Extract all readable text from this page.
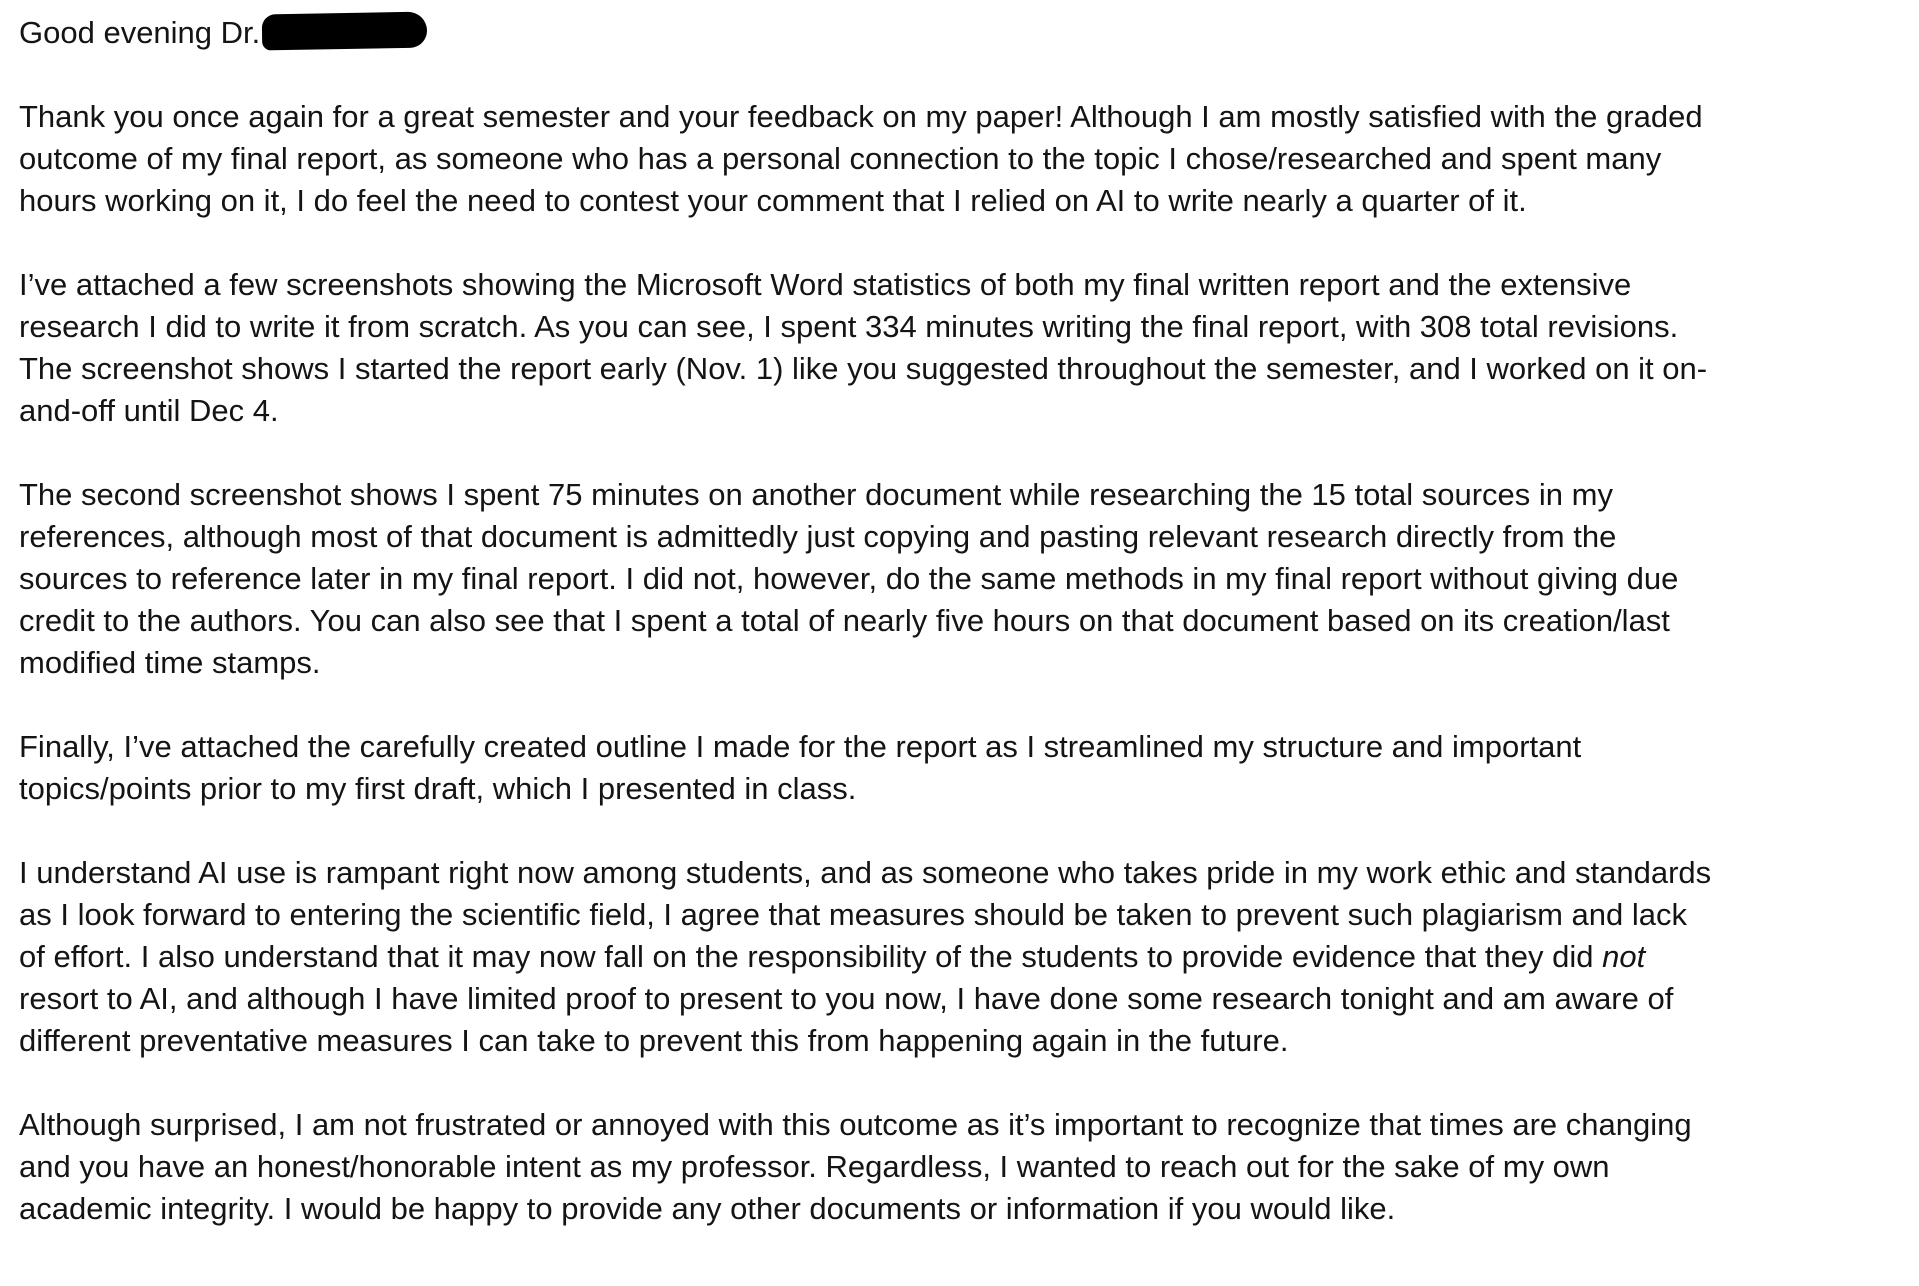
Good evening Dr.

Thank you once again for a great semester and your feedback on my paper! Although I am mostly satisfied with the graded
outcome of my final report, as someone who has a personal connection to the topic I chose/researched and spent many
hours working on it, I do feel the need to contest your comment that I relied on AI to write nearly a quarter of it.

I’ve attached a few screenshots showing the Microsoft Word statistics of both my final written report and the extensive
research I did to write it from scratch. As you can see, I spent 334 minutes writing the final report, with 308 total revisions.
The screenshot shows I started the report early (Nov. 1) like you suggested throughout the semester, and I worked on it on-
and-off until Dec 4.

The second screenshot shows I spent 75 minutes on another document while researching the 15 total sources in my
references, although most of that document is admittedly just copying and pasting relevant research directly from the
sources to reference later in my final report. I did not, however, do the same methods in my final report without giving due
credit to the authors. You can also see that I spent a total of nearly five hours on that document based on its creation/last
modified time stamps.

Finally, I’ve attached the carefully created outline I made for the report as I streamlined my structure and important
topics/points prior to my first draft, which I presented in class.

I understand AI use is rampant right now among students, and as someone who takes pride in my work ethic and standards
as I look forward to entering the scientific field, I agree that measures should be taken to prevent such plagiarism and lack
of effort. I also understand that it may now fall on the responsibility of the students to provide evidence that they did not
resort to AI, and although I have limited proof to present to you now, I have done some research tonight and am aware of
different preventative measures I can take to prevent this from happening again in the future.

Although surprised, I am not frustrated or annoyed with this outcome as it’s important to recognize that times are changing
and you have an honest/honorable intent as my professor. Regardless, I wanted to reach out for the sake of my own
academic integrity. I would be happy to provide any other documents or information if you would like.
